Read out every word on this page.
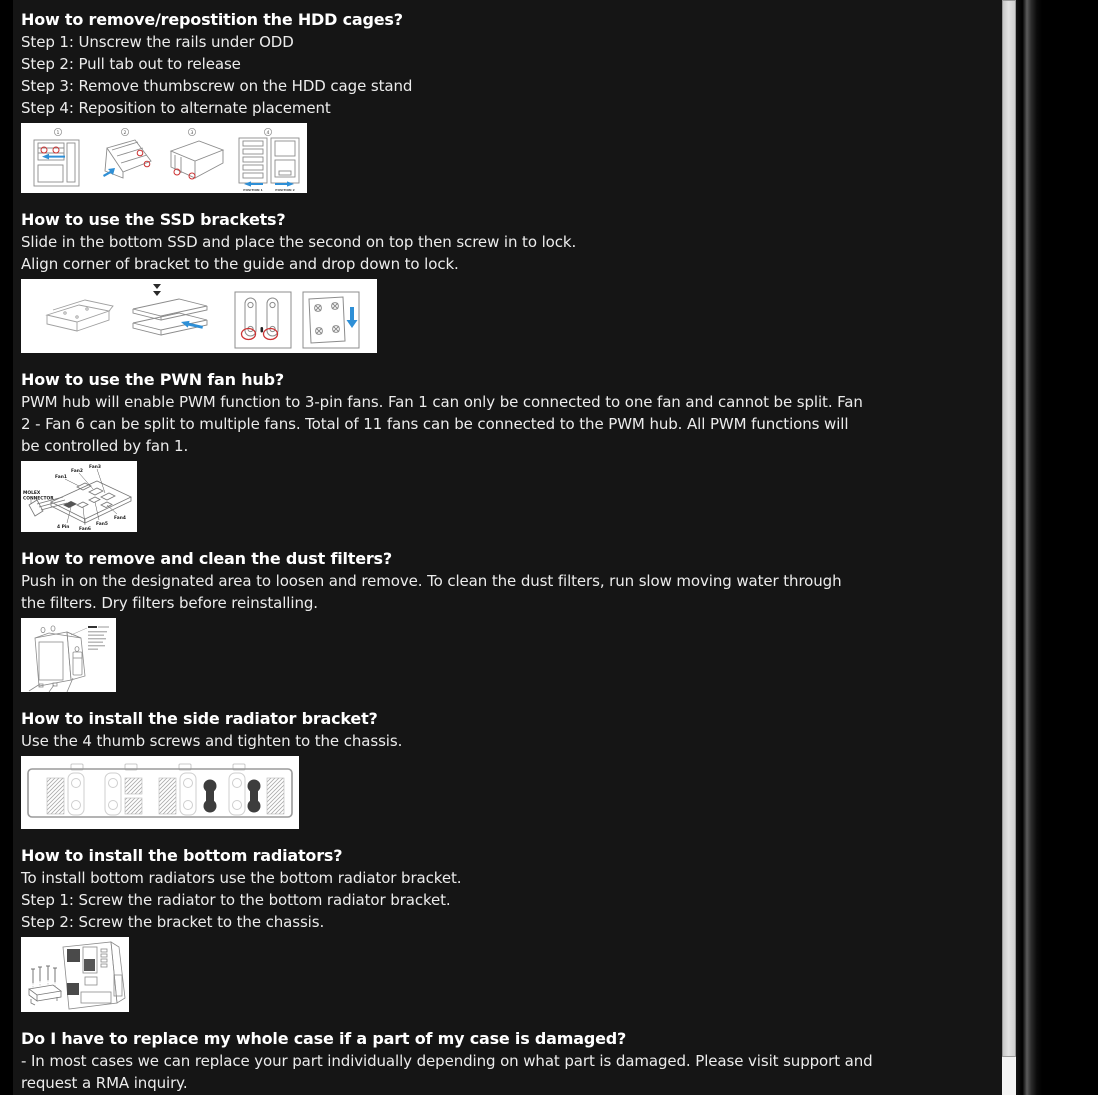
How to remove/repostition the HDD cages?
Step 1: Unscrew the rails under ODD
Step 2: Pull tab out to release
Step 3: Remove thumbscrew on the HDD cage stand
Step 4: Reposition to alternate placement
1	2	3	4
POSITION 1	POSITION 2
How to use the SSD brackets?
Slide in the bottom SSD and place the second on top then screw in to lock.
Align corner of bracket to the guide and drop down to lock.
How to use the PWN fan hub?
PWM hub will enable PWM function to 3-pin fans. Fan 1 can only be connected to one fan and cannot be split. Fan
2 - Fan 6 can be split to multiple fans. Total of 11 fans can be connected to the PWM hub. All PWM functions will
be controlled by fan 1.
MOLEX
CONNECTOR
Fan1
Fan2
Fan3
4 Pin Fan6
Fan5
Fan4
How to remove and clean the dust filters?
Push in on the designated area to loosen and remove. To clean the dust filters, run slow moving water through
the filters. Dry filters before reinstalling.
How to install the side radiator bracket?
Use the 4 thumb screws and tighten to the chassis.
How to install the bottom radiators?
To install bottom radiators use the bottom radiator bracket.
Step 1: Screw the radiator to the bottom radiator bracket.
Step 2: Screw the bracket to the chassis.
Do I have to replace my whole case if a part of my case is damaged?
- In most cases we can replace your part individually depending on what part is damaged. Please visit support and
request a RMA inquiry.
